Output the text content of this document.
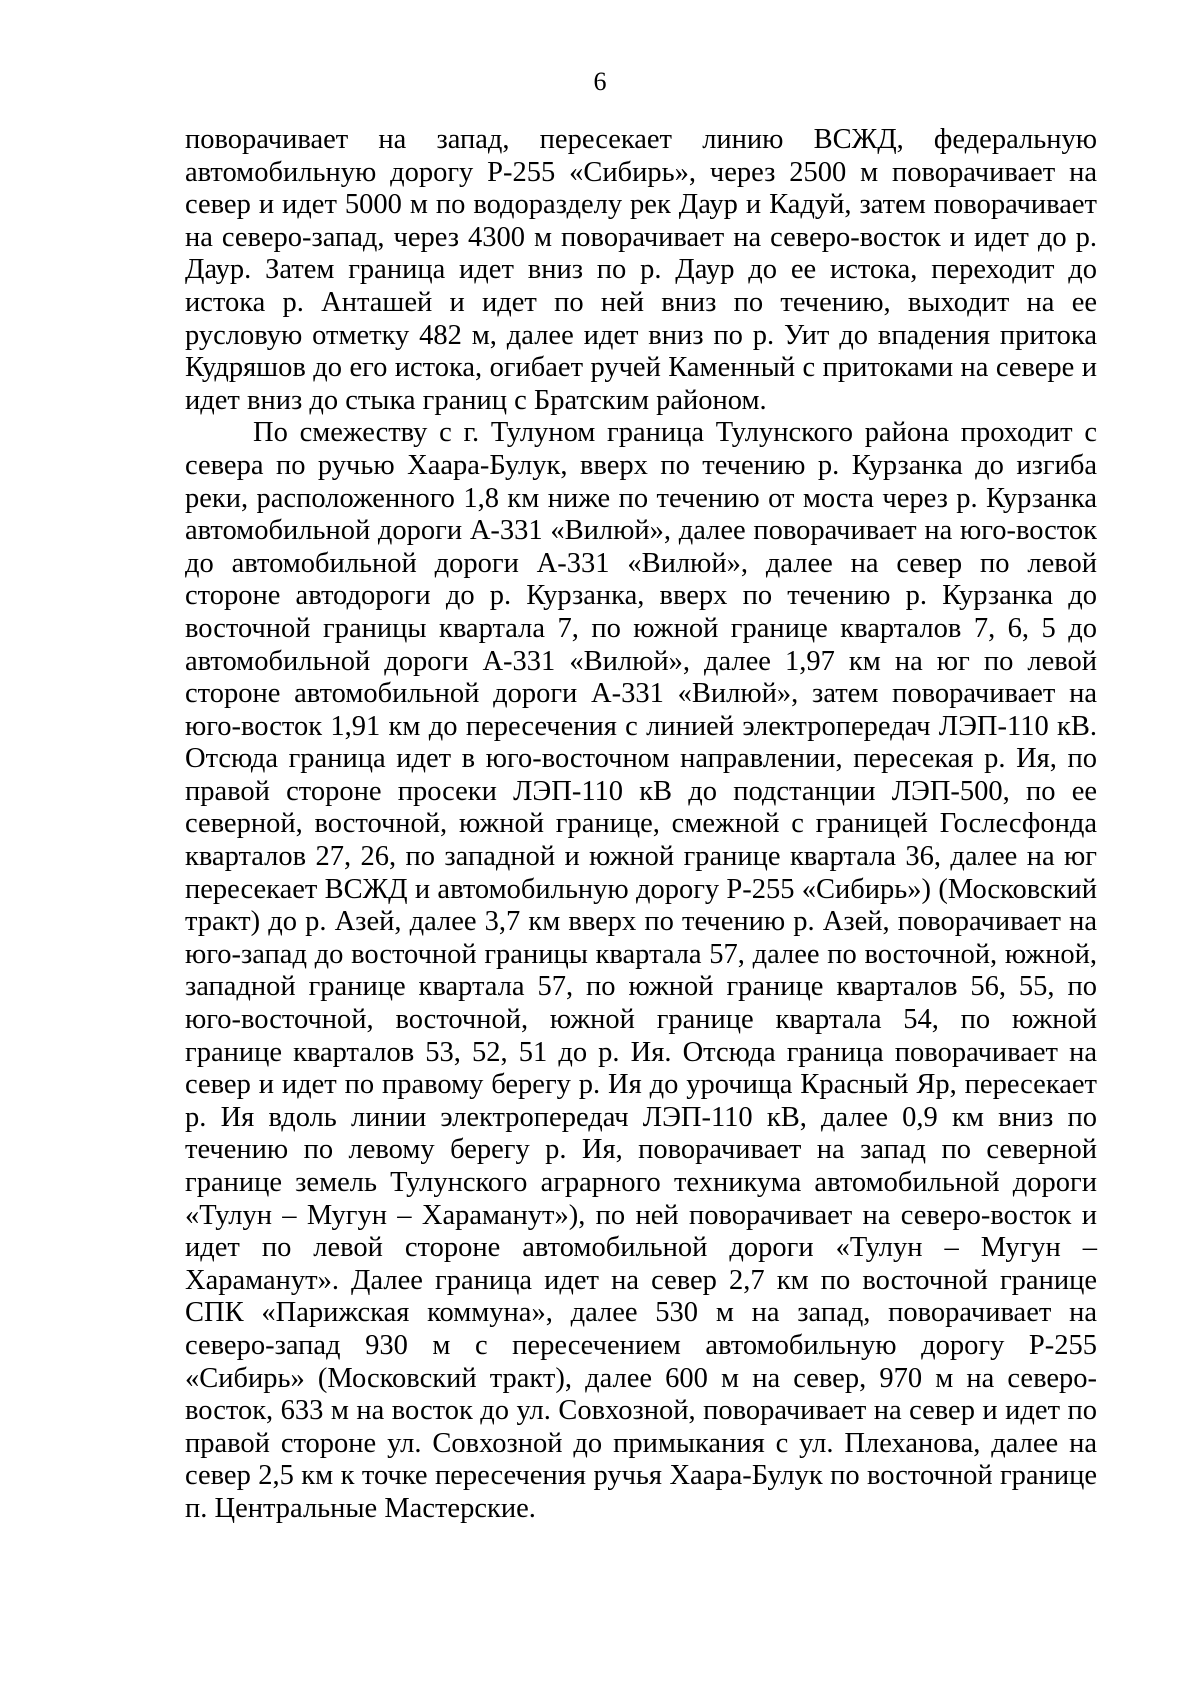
6

поворачивает на запад, пересекает линию ВСЖД, федеральную автомобильную дорогу Р-255 «Сибирь», через 2500 м поворачивает на север и идет 5000 м по водоразделу рек Даур и Кадуй, затем поворачивает на северо-запад, через 4300 м поворачивает на северо-восток и идет до р. Даур. Затем граница идет вниз по р. Даур до ее истока, переходит до истока р. Анташей и идет по ней вниз по течению, выходит на ее русловую отметку 482 м, далее идет вниз по р. Уит до впадения притока Кудряшов до его истока, огибает ручей Каменный с притоками на севере и идет вниз до стыка границ с Братским районом.

По смежеству с г. Тулуном граница Тулунского района проходит с севера по ручью Хаара-Булук, вверх по течению р. Курзанка до изгиба реки, расположенного 1,8 км ниже по течению от моста через р. Курзанка автомобильной дороги А-331 «Вилюй», далее поворачивает на юго-восток до автомобильной дороги А-331 «Вилюй», далее на север по левой стороне автодороги до р. Курзанка, вверх по течению р. Курзанка до восточной границы квартала 7, по южной границе кварталов 7, 6, 5 до автомобильной дороги А-331 «Вилюй», далее 1,97 км на юг по левой стороне автомобильной дороги А-331 «Вилюй», затем поворачивает на юго-восток 1,91 км до пересечения с линией электропередач ЛЭП-110 кВ. Отсюда граница идет в юго-восточном направлении, пересекая р. Ия, по правой стороне просеки ЛЭП-110 кВ до подстанции ЛЭП-500, по ее северной, восточной, южной границе, смежной с границей Гослесфонда кварталов 27, 26, по западной и южной границе квартала 36, далее на юг пересекает ВСЖД и автомобильную дорогу Р-255 «Сибирь») (Московский тракт) до р. Азей, далее 3,7 км вверх по течению р. Азей, поворачивает на юго-запад до восточной границы квартала 57, далее по восточной, южной, западной границе квартала 57, по южной границе кварталов 56, 55, по юго-восточной, восточной, южной границе квартала 54, по южной границе кварталов 53, 52, 51 до р. Ия. Отсюда граница поворачивает на север и идет по правому берегу р. Ия до урочища Красный Яр, пересекает р. Ия вдоль линии электропередач ЛЭП-110 кВ, далее 0,9 км вниз по течению по левому берегу р. Ия, поворачивает на запад по северной границе земель Тулунского аграрного техникума автомобильной дороги «Тулун – Мугун – Хараманут»), по ней поворачивает на северо-восток и идет по левой стороне автомобильной дороги «Тулун – Мугун – Хараманут». Далее граница идет на север 2,7 км по восточной границе СПК «Парижская коммуна», далее 530 м на запад, поворачивает на северо-запад 930 м с пересечением автомобильную дорогу Р-255 «Сибирь» (Московский тракт), далее 600 м на север, 970 м на северо-восток, 633 м на восток до ул. Совхозной, поворачивает на север и идет по правой стороне ул. Совхозной до примыкания с ул. Плеханова, далее на север 2,5 км к точке пересечения ручья Хаара-Булук по восточной границе п. Центральные Мастерские.
